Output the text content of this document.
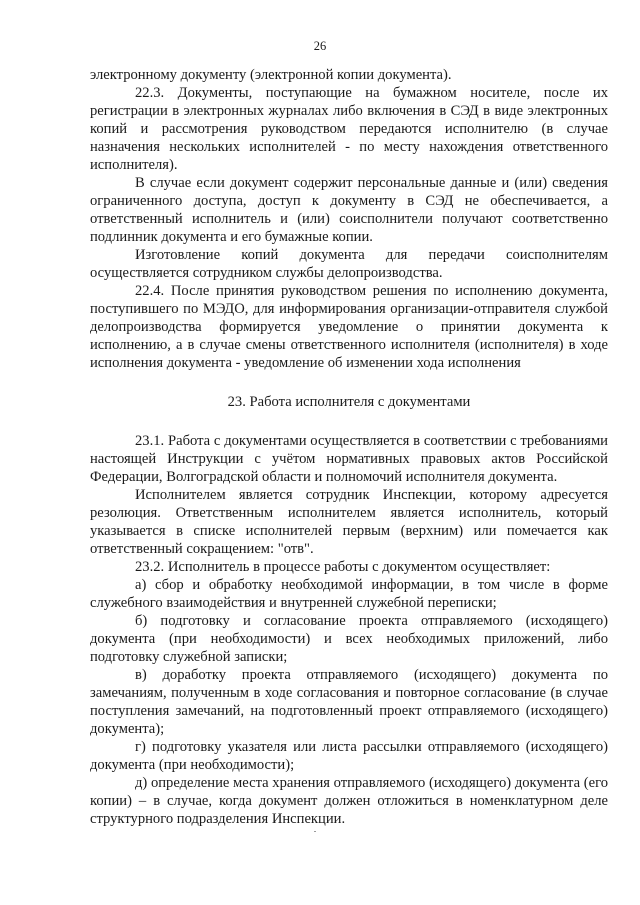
26

электронному документу (электронной копии документа).

22.3. Документы, поступающие на бумажном носителе, после их регистрации в электронных журналах либо включения в СЭД в виде электронных копий и рассмотрения руководством передаются исполнителю (в случае назначения нескольких исполнителей - по месту нахождения ответственного исполнителя).

В случае если документ содержит персональные данные и (или) сведения ограниченного доступа, доступ к документу в СЭД не обеспечивается, а ответственный исполнитель и (или) соисполнители получают соответственно подлинник документа и его бумажные копии.

Изготовление копий документа для передачи соисполнителям осуществляется сотрудником службы делопроизводства.

22.4. После принятия руководством решения по исполнению документа, поступившего по МЭДО, для информирования организации-отправителя службой делопроизводства формируется уведомление о принятии документа к исполнению, а в случае смены ответственного исполнителя (исполнителя) в ходе исполнения документа - уведомление об изменении хода исполнения

23. Работа исполнителя с документами

23.1. Работа с документами осуществляется в соответствии с требованиями настоящей Инструкции с учётом нормативных правовых актов Российской Федерации, Волгоградской области и полномочий исполнителя документа.

Исполнителем является сотрудник Инспекции, которому адресуется резолюция. Ответственным исполнителем является исполнитель, который указывается в списке исполнителей первым (верхним) или помечается как ответственный сокращением: "отв".

23.2. Исполнитель в процессе работы с документом осуществляет:

а) сбор и обработку необходимой информации, в том числе в форме служебного взаимодействия и внутренней служебной переписки;

б) подготовку и согласование проекта отправляемого (исходящего) документа (при необходимости) и всех необходимых приложений, либо подготовку служебной записки;

в) доработку проекта отправляемого (исходящего) документа по замечаниям, полученным в ходе согласования и повторное согласование (в случае поступления замечаний, на подготовленный проект отправляемого (исходящего) документа);

г) подготовку указателя или листа рассылки отправляемого (исходящего) документа (при необходимости);

д) определение места хранения отправляемого (исходящего) документа (его копии) – в случае, когда документ должен отложиться в номенклатурном деле структурного подразделения Инспекции.
